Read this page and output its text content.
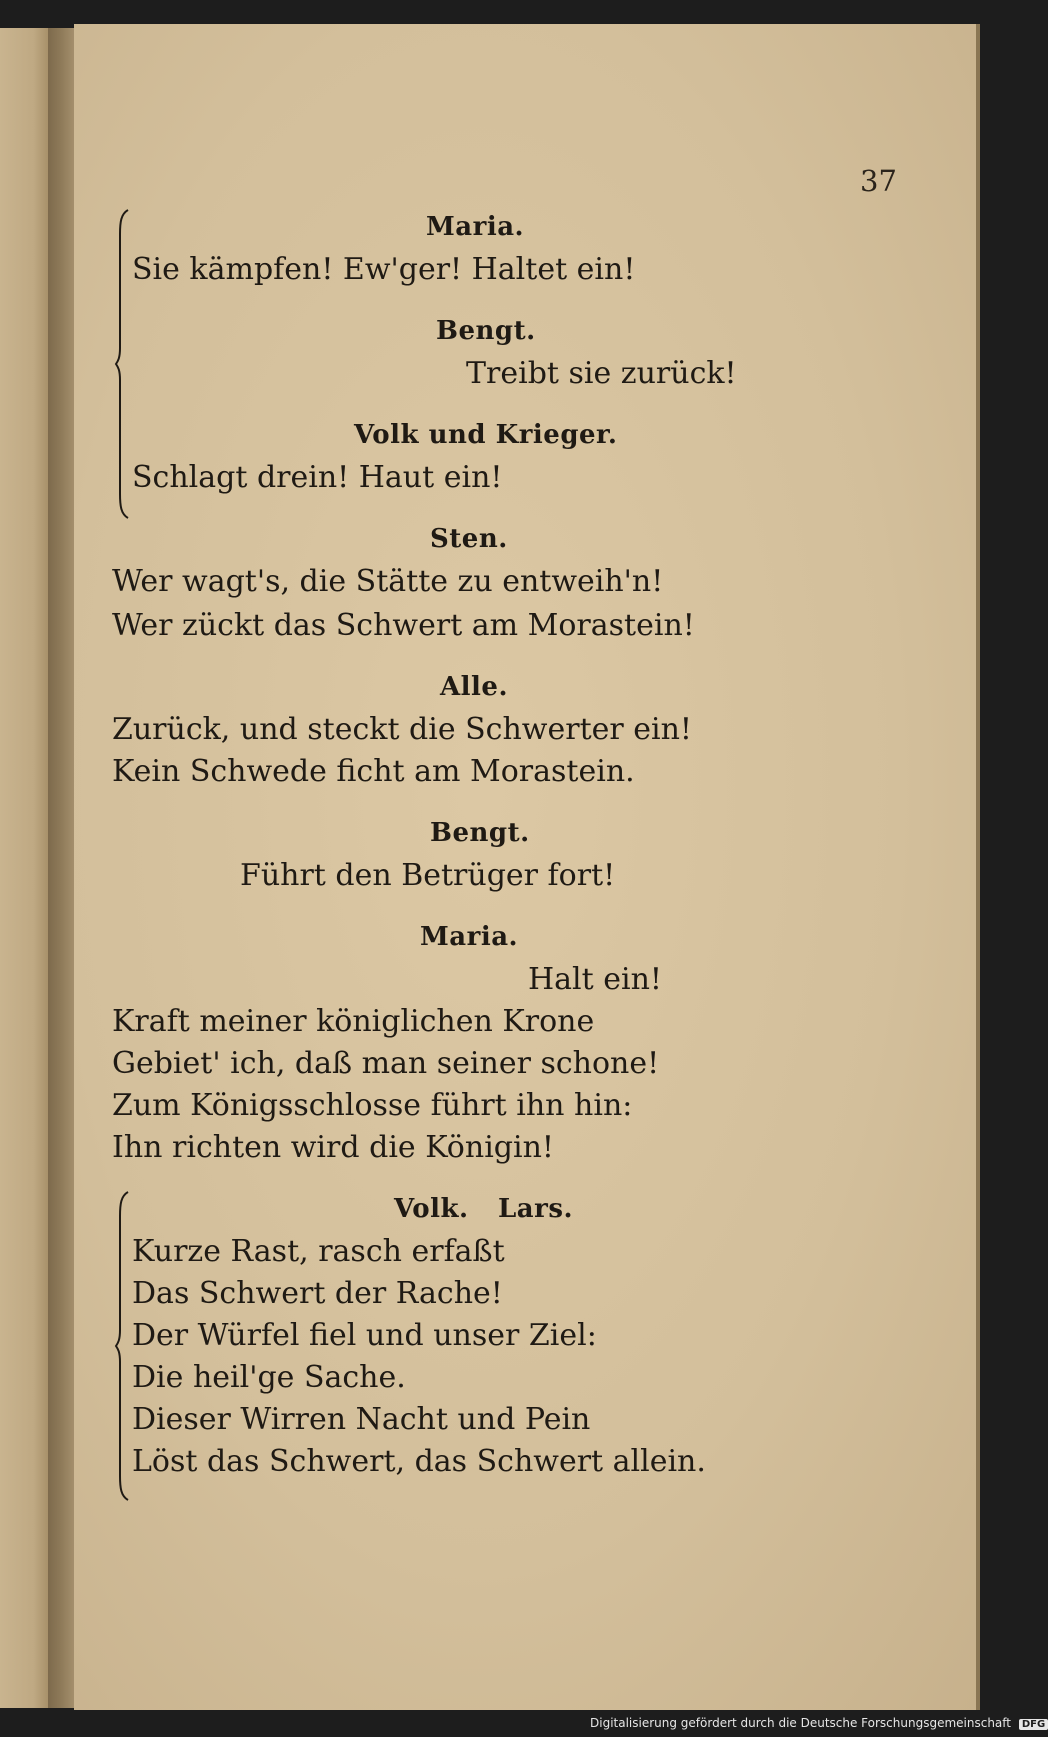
37
Maria.
Sie kämpfen! Ew'ger! Haltet ein!
Bengt.
Treibt sie zurück!
Volk und Krieger.
Schlagt drein! Haut ein!
Sten.
Wer wagt's, die Stätte zu entweih'n!
Wer zückt das Schwert am Morastein!
Alle.
Zurück, und steckt die Schwerter ein!
Kein Schwede ficht am Morastein.
Bengt.
Führt den Betrüger fort!
Maria.
Halt ein!
Kraft meiner königlichen Krone
Gebiet' ich, daß man seiner schone!
Zum Königsschlosse führt ihn hin:
Ihn richten wird die Königin!
Volk. Lars.
Kurze Rast, rasch erfaßt
Das Schwert der Rache!
Der Würfel fiel und unser Ziel:
Die heil'ge Sache.
Dieser Wirren Nacht und Pein
Löst das Schwert, das Schwert allein.
Digitalisierung gefördert durch die Deutsche Forschungsgemeinschaft DFG
